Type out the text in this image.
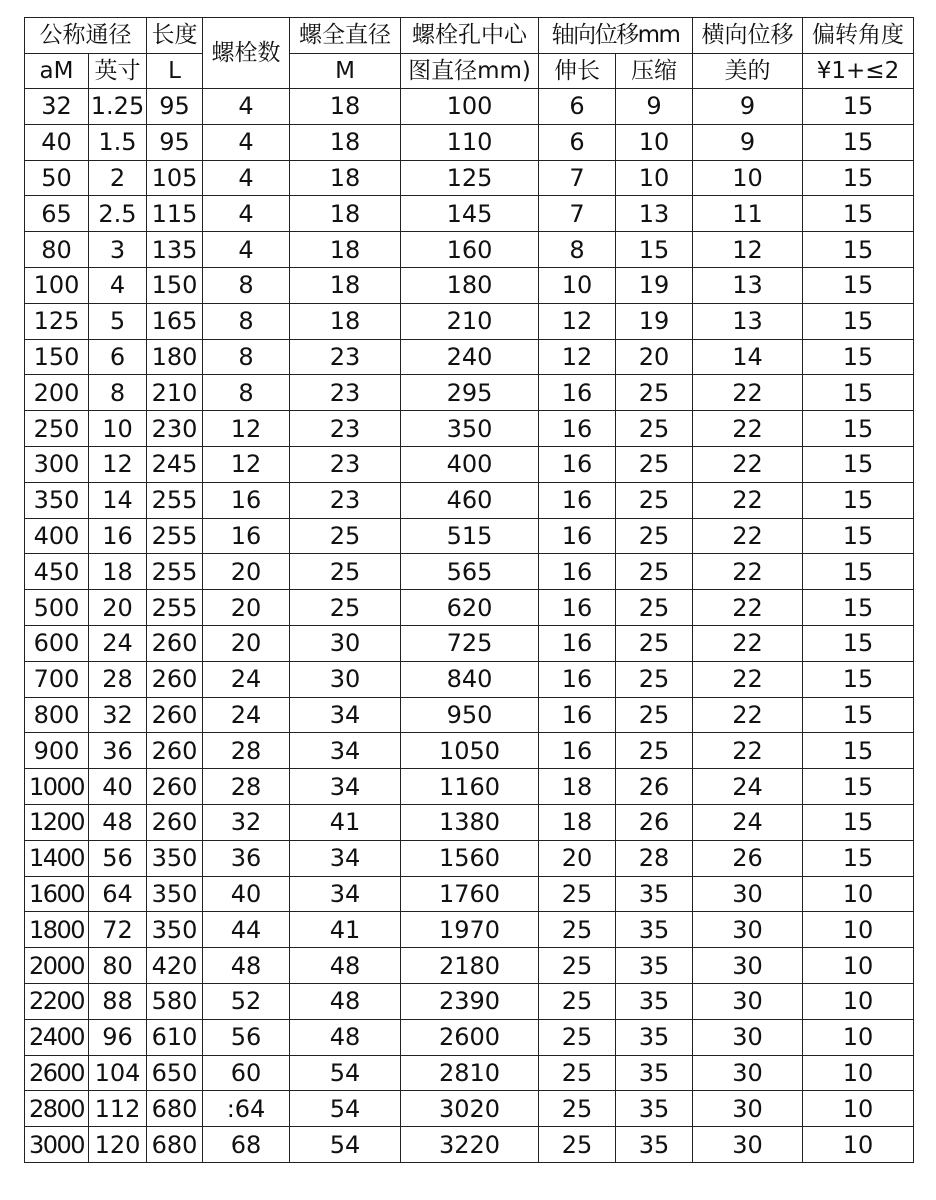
公称通径		长度	螺栓数	螺全直径	螺栓孔中心	轴向位移mm		横向位移	偏转角度
aM	英寸	L		M	图直径mm)	伸长	压缩	美的	¥1+≤2
32	1.25	95	4	18	100	6	9	9	15
40	1.5	95	4	18	110	6	10	9	15
50	2	105	4	18	125	7	10	10	15
65	2.5	115	4	18	145	7	13	11	15
80	3	135	4	18	160	8	15	12	15
100	4	150	8	18	180	10	19	13	15
125	5	165	8	18	210	12	19	13	15
150	6	180	8	23	240	12	20	14	15
200	8	210	8	23	295	16	25	22	15
250	10	230	12	23	350	16	25	22	15
300	12	245	12	23	400	16	25	22	15
350	14	255	16	23	460	16	25	22	15
400	16	255	16	25	515	16	25	22	15
450	18	255	20	25	565	16	25	22	15
500	20	255	20	25	620	16	25	22	15
600	24	260	20	30	725	16	25	22	15
700	28	260	24	30	840	16	25	22	15
800	32	260	24	34	950	16	25	22	15
900	36	260	28	34	1050	16	25	22	15
1000	40	260	28	34	1160	18	26	24	15
1200	48	260	32	41	1380	18	26	24	15
1400	56	350	36	34	1560	20	28	26	15
1600	64	350	40	34	1760	25	35	30	10
1800	72	350	44	41	1970	25	35	30	10
2000	80	420	48	48	2180	25	35	30	10
2200	88	580	52	48	2390	25	35	30	10
2400	96	610	56	48	2600	25	35	30	10
2600	104	650	60	54	2810	25	35	30	10
2800	112	680	:64	54	3020	25	35	30	10
3000	120	680	68	54	3220	25	35	30	10
